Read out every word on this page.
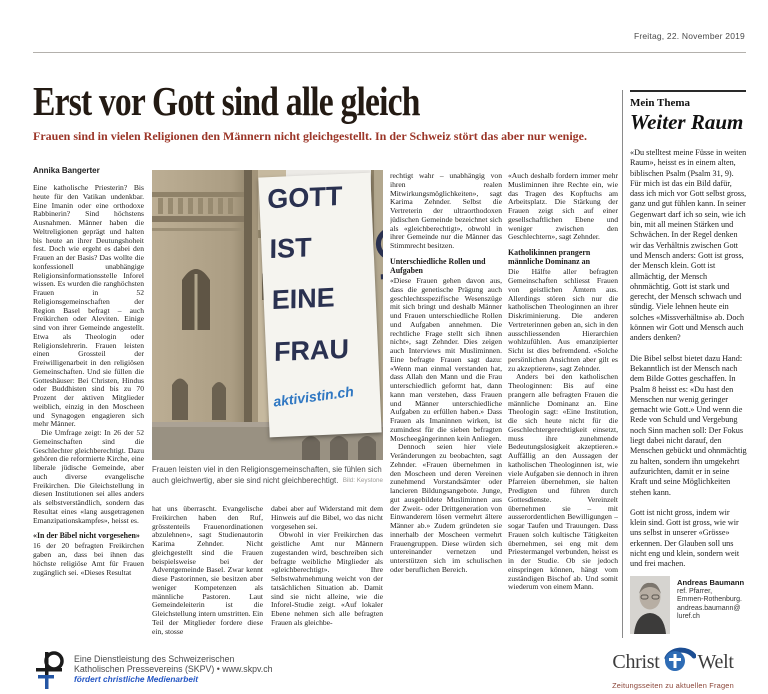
Freitag, 22. November 2019
Erst vor Gott sind alle gleich

Frauen sind in vielen Religionen den Männern nicht gleichgestellt. In der Schweiz stört das aber nur wenige.

Annika Bangerter

Eine katholische Priesterin? Bis heute für den Vatikan undenkbar. Eine Imanin oder eine orthodoxe Rabbinerin? Sind höchstens Ausnahmen. Männer haben die Weltreligionen geprägt und halten bis heute an ihrer Deutungshoheit fest. Doch wie ergeht es dabei den Frauen an der Basis? Das wollte die konfessionell unabhängige Religionsinformationsstelle Inforel wissen. Es wurden die ranghöchsten Frauen in 52 Religionsgemeinschaften der Region Basel befragt – auch Freikirchen oder Aleviten. Einige sind von ihrer Gemeinde angestellt. Etwa als Theologin oder Religionslehrerin. Frauen leisten einen Grossteil der Freiwilligenarbeit in den religiösen Gemeinschaften. Und sie füllen die Gotteshäuser: Bei Christen, Hindus oder Buddhisten sind bis zu 70 Prozent der aktiven Mitglieder weiblich, einzig in den Moscheen und Synagogen engagieren sich mehr Männer.

Die Umfrage zeigt: In 26 der 52 Gemeinschaften sind die Geschlechter gleichberechtigt. Dazu gehören die reformierte Kirche, eine liberale jüdische Gemeinde, aber auch diverse evangelische Freikirchen. Die Gleichstellung in diesen Institutionen sei alles anders als selbstverständlich, sondern das Resultat eines «lang ausgetragenen Emanzipationskampfes», heisst es.

«In der Bibel nicht vorgesehen»

16 der 20 befragten Freikirchen gaben an, dass bei ihnen das höchste religiöse Amt für Frauen zugänglich sei. «Dieses Resultat

GOTT
IST
EINE
FRAU
aktivistin.ch
Frauen leisten viel in den Religionsgemeinschaften, sie fühlen sich auch gleichwertig, aber sie sind nicht gleichberechtigt. Bild: Keystone

hat uns überrascht. Evangelische Freikirchen haben den Ruf, grösstenteils Frauenordinationen abzulehnen», sagt Studienautorin Karima Zehnder. Nicht gleichgestellt sind die Frauen beispielsweise bei der Adventgemeinde Basel. Zwar kennt diese Pastorinnen, sie besitzen aber weniger Kompetenzen als männliche Pastoren. Laut Gemeindeleiterin ist die Gleichstellung intern umstritten. Ein Teil der Mitglieder fordere diese ein, stosse

dabei aber auf Widerstand mit dem Hinweis auf die Bibel, wo das nicht vorgesehen sei.

Obwohl in vier Freikirchen das geistliche Amt nur Männern zugestanden wird, beschreiben sich befragte weibliche Mitglieder als «gleichberechtigt». Ihre Selbstwahrnehmung weicht von der tatsächlichen Situation ab. Damit sind sie nicht alleine, wie die Inforel-Studie zeigt. «Auf lokaler Ebene nehmen sich alle befragten Frauen als gleichbe-

rechtigt wahr – unabhängig von ihren realen Mitwirkungsmöglichkeiten», sagt Karima Zehnder. Selbst die Vertreterin der ultraorthodoxen jüdischen Gemeinde bezeichnet sich als «gleichberechtigt», obwohl in ihrer Gemeinde nur die Männer das Stimmrecht besitzen.

Unterschiedliche Rollen und Aufgaben

«Diese Frauen gehen davon aus, dass die genetische Prägung auch geschlechtsspezifische Wesenszüge mit sich bringt und deshalb Männer und Frauen unterschiedliche Rollen und Aufgaben annehmen. Die rechtliche Frage stellt sich ihnen nicht», sagt Zehnder. Dies zeigen auch Interviews mit Musliminnen. Eine befragte Frauen sagt dazu: «Wenn man einmal verstanden hat, dass Allah den Mann und die Frau unterschiedlich geformt hat, dann kann man verstehen, dass Frauen und Männer unterschiedliche Aufgaben zu erfüllen haben.» Dass Frauen als Imaninnen wirken, ist zumindest für die sieben befragten Moscheegängerinnen kein Anliegen.

Dennoch seien hier viele Veränderungen zu beobachten, sagt Zehnder. «Frauen übernehmen in den Moscheen und deren Vereinen zunehmend Vorstandsämter oder lancieren Bildungsangebote. Junge, gut ausgebildete Musliminnen aus der Zweit- oder Drittgeneration von Einwanderern lösen vermehrt ältere Männer ab.» Zudem gründeten sie innerhalb der Moscheen vermehrt Frauengruppen. Diese würden sich untereinander vernetzen und unterstützen sich im schulischen oder beruflichen Bereich.

«Auch deshalb fordern immer mehr Musliminnen ihre Rechte ein, wie das Tragen des Kopftuchs am Arbeitsplatz. Die Stärkung der Frauen zeigt sich auf einer gesellschaftlichen Ebene und weniger zwischen den Geschlechtern», sagt Zehnder.

Katholikinnen prangern männliche Dominanz an

Die Hälfte aller befragten Gemeinschaften schliesst Frauen von geistlichen Ämtern aus. Allerdings stören sich nur die katholischen Theologinnen an ihrer Diskriminierung. Die anderen Vertreterinnen geben an, sich in den ausschliessenden Hierarchien wohlzufühlen. Aus emanzipierter Sicht ist dies befremdend. «Solche persönlichen Ansichten aber gilt es zu akzeptieren», sagt Zehnder.

Anders bei den katholischen Theologinnen: Bis auf eine prangern alle befragten Frauen die männliche Dominanz an. Eine Theologin sagt: «Eine Institution, die sich heute nicht für die Geschlechtergerechtigkeit einsetzt, muss ihre zunehmende Bedeutungslosigkeit akzeptieren.» Auffällig an den Aussagen der katholischen Theologinnen ist, wie viele Aufgaben sie dennoch in ihren Pfarreien übernehmen, sie halten Predigten und führen durch Gottesdienste. Vereinzelt übernehmen sie – mit ausserordentlichen Bewilligungen – sogar Taufen und Trauungen. Dass Frauen solch kultische Tätigkeiten übernehmen, sei eng mit dem Priestermangel verbunden, heisst es in der Studie. Ob sie jedoch einspringen können, hängt vom zuständigen Bischof ab. Und somit wiederum von einem Mann.

Mein Thema
Weiter Raum

«Du stelltest meine Füsse in weiten Raum», heisst es in einem alten, biblischen Psalm (Psalm 31, 9). Für mich ist das ein Bild dafür, dass ich mich vor Gott selbst gross, ganz und gut fühlen kann. In seiner Gegenwart darf ich so sein, wie ich bin, mit all meinen Stärken und Schwächen. In der Regel denken wir das Verhältnis zwischen Gott und Mensch anders: Gott ist gross, der Mensch klein. Gott ist allmächtig, der Mensch ohnmächtig. Gott ist stark und gerecht, der Mensch schwach und sündig. Viele lehnen heute ein solches «Missverhältnis» ab. Doch können wir Gott und Mensch auch anders denken?

Die Bibel selbst bietet dazu Hand: Bekanntlich ist der Mensch nach dem Bilde Gottes geschaffen. In Psalm 8 heisst es: «Du hast den Menschen nur wenig geringer gemacht wie Gott.» Und wenn die Rede von Schuld und Vergebung noch Sinn machen soll: Der Fokus liegt dabei nicht darauf, den Menschen gebückt und ohnmächtig zu halten, sondern ihn umgekehrt aufzurichten, damit er in seine Kraft und seine Möglichkeiten stehen kann.

Gott ist nicht gross, indem wir klein sind. Gott ist gross, wie wir uns selbst in unserer «Grösse» erkennen. Der Glauben soll uns nicht eng und klein, sondern weit und frei machen.

Andreas Baumann
ref. Pfarrer,
Emmen-Rothenburg.
andreas.baumann@
luref.ch
Eine Dienstleistung des Schweizerischen
Katholischen Pressevereins (SKPV) • www.skpv.ch
fördert christliche Medienarbeit
Christ Welt
Zeitungsseiten zu aktuellen Fragen
